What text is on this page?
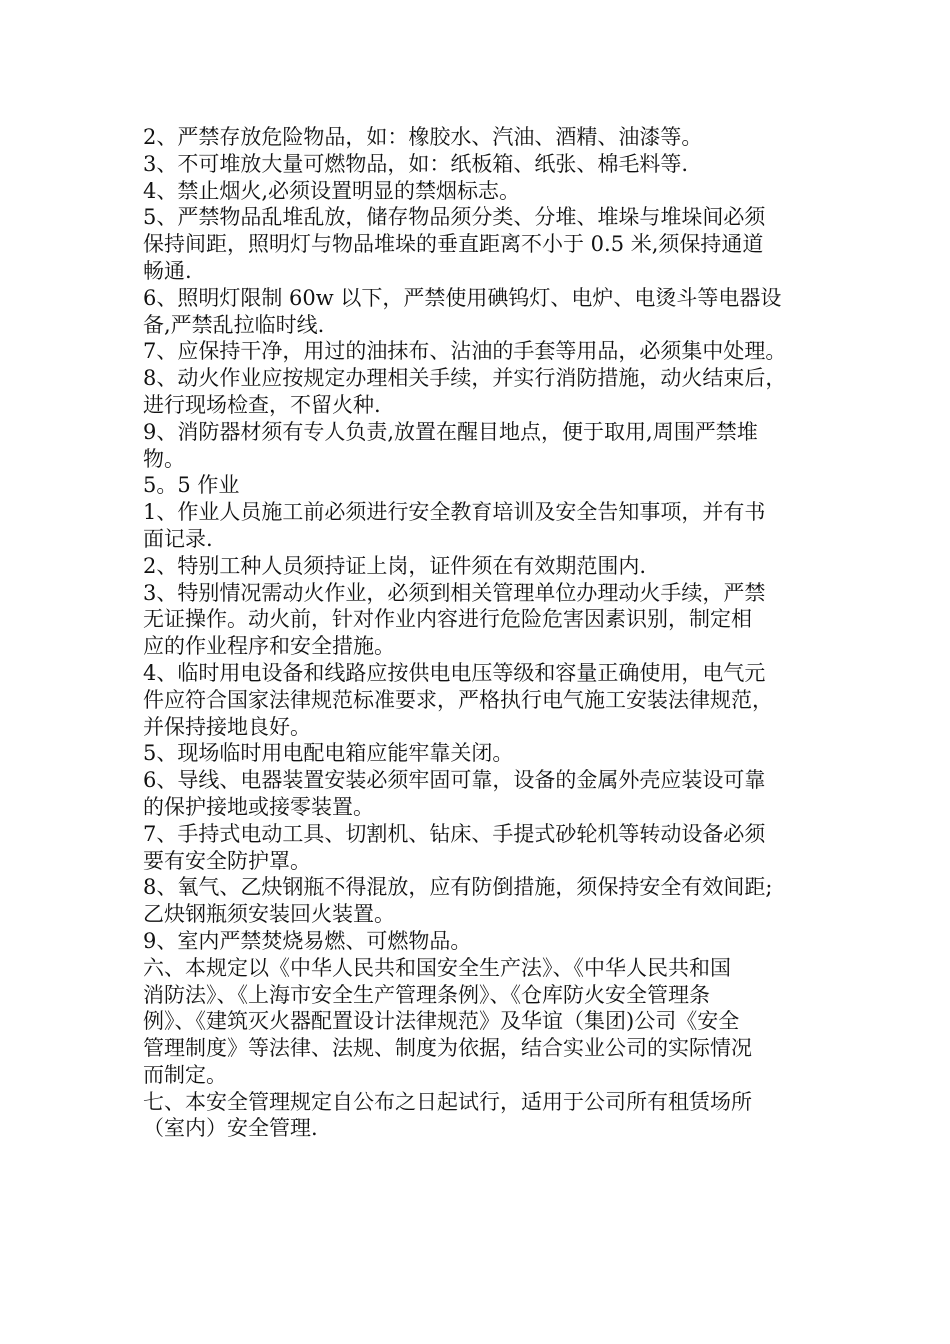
2、严禁存放危险物品，如：橡胶水、汽油、酒精、油漆等。
3、不可堆放大量可燃物品，如：纸板箱、纸张、棉毛料等.
4、禁止烟火,必须设置明显的禁烟标志。
5、严禁物品乱堆乱放，储存物品须分类、分堆、堆垛与堆垛间必须
保持间距，照明灯与物品堆垛的垂直距离不小于 0.5 米,须保持通道
畅通.
6、照明灯限制 60w 以下，严禁使用碘钨灯、电炉、电烫斗等电器设
备,严禁乱拉临时线.
7、应保持干净，用过的油抹布、沾油的手套等用品，必须集中处理。
8、动火作业应按规定办理相关手续，并实行消防措施，动火结束后，
进行现场检查，不留火种.
9、消防器材须有专人负责,放置在醒目地点，便于取用,周围严禁堆
物。
5。5 作业
1、作业人员施工前必须进行安全教育培训及安全告知事项，并有书
面记录.
2、特别工种人员须持证上岗，证件须在有效期范围内.
3、特别情况需动火作业，必须到相关管理单位办理动火手续，严禁
无证操作。动火前，针对作业内容进行危险危害因素识别，制定相
应的作业程序和安全措施。
4、临时用电设备和线路应按供电电压等级和容量正确使用，电气元
件应符合国家法律规范标准要求，严格执行电气施工安装法律规范，
并保持接地良好。
5、现场临时用电配电箱应能牢靠关闭。
6、导线、电器装置安装必须牢固可靠，设备的金属外壳应装设可靠
的保护接地或接零装置。
7、手持式电动工具、切割机、钻床、手提式砂轮机等转动设备必须
要有安全防护罩。
8、氧气、乙炔钢瓶不得混放，应有防倒措施，须保持安全有效间距;
乙炔钢瓶须安装回火装置。
9、室内严禁焚烧易燃、可燃物品。
六、本规定以《中华人民共和国安全生产法》、《中华人民共和国
消防法》、《上海市安全生产管理条例》、《仓库防火安全管理条
例》、《建筑灭火器配置设计法律规范》及华谊（集团)公司《安全
管理制度》等法律、法规、制度为依据，结合实业公司的实际情况
而制定。
七、本安全管理规定自公布之日起试行，适用于公司所有租赁场所
（室内）安全管理.
